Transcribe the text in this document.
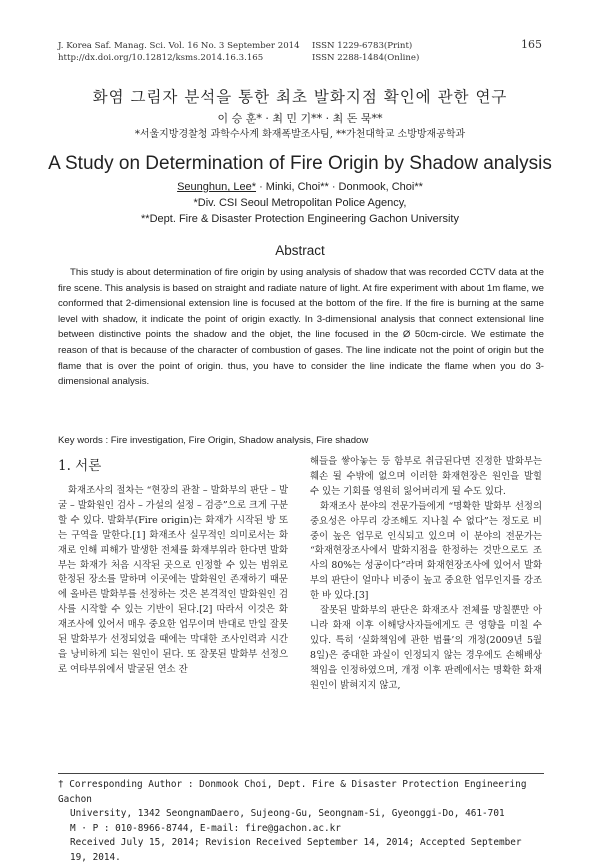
J. Korea Saf. Manag. Sci. Vol. 16 No. 3 September 2014
http://dx.doi.org/10.12812/ksms.2014.16.3.165
ISSN 1229-6783(Print)
ISSN 2288-1484(Online)
165
화염 그림자 분석을 통한 최초 발화지점 확인에 관한 연구
이 승 훈* · 최 민 기** · 최 돈 묵**
*서울지방경찰청 과학수사계 화재폭발조사팀, **가천대학교 소방방재공학과
A Study on Determination of Fire Origin by Shadow analysis
Seunghun, Lee* · Minki, Choi** · Donmook, Choi**
*Div. CSI Seoul Metropolitan Police Agency,
**Dept. Fire & Disaster Protection Engineering Gachon University
Abstract
This study is about determination of fire origin by using analysis of shadow that was recorded CCTV data at the fire scene. This analysis is based on straight and radiate nature of light. At fire experiment with about 1m flame, we conformed that 2-dimensional extension line is focused at the bottom of the fire. If the fire is burning at the same level with shadow, it indicate the point of origin exactly. In 3-dimensional analysis that connect extensional line between distinctive points the shadow and the objet, the line focused in the Ø 50cm-circle. We estimate the reason of that is because of the character of combustion of gases. The line indicate not the point of origin but the flame that is over the point of origin. thus, you have to consider the line indicate the flame when you do 3-dimensional analysis.
Key words : Fire investigation, Fire Origin, Shadow analysis, Fire shadow
1. 서론

화재조사의 절차는 “현장의 관찰 – 발화부의 판단 – 발굴 – 발화원인 검사 – 가설의 설정 – 검증”으로 크게 구분할 수 있다. 발화부(Fire origin)는 화재가 시작된 방 또는 구역을 말한다.[1] 화재조사 실무적인 의미로서는 화재로 인해 피해가 발생한 전체를 화재부위라 한다면 발화부는 화재가 처음 시작된 곳으로 인정할 수 있는 범위로 한정된 장소를 말하며 이곳에는 발화원인 존재하기 때문에 올바른 발화부를 선정하는 것은 본격적인 발화원인 검사를 시작할 수 있는 기반이 된다.[2] 따라서 이것은 화재조사에 있어서 매우 중요한 업무이며 반대로 만일 잘못된 발화부가 선정되었을 때에는 막대한 조사인력과 시간을 낭비하게 되는 원인이 된다. 또 잘못된 발화부 선정으로 여타부위에서 발굴된 연소 잔

해들을 쌓아놓는 등 함부로 취급된다면 진정한 발화부는 훼손 될 수밖에 없으며 이러한 화재현장은 원인을 발힐 수 있는 기회를 영원히 잃어버리게 될 수도 있다.

화재조사 분야의 전문가들에게 “명확한 발화부 선정의 중요성은 아무리 강조해도 지나칠 수 없다”는 정도로 비중이 높은 업무로 인식되고 있으며 이 분야의 전문가는 “화재현장조사에서 발화지점을 한정하는 것만으로도 조사의 80%는 성공이다”라며 화재현장조사에 있어서 발화부의 판단이 얼마나 비중이 높고 중요한 업무인지를 강조한 바 있다.[3]

잘못된 발화부의 판단은 화재조사 전체를 망칠뿐만 아니라 화재 이후 이해당사자들에게도 큰 영향을 미칠 수 있다. 특히 ‘실화책임에 관한 법률’의 개정(2009년 5월 8일)은 중대한 과실이 인정되지 않는 경우에도 손해배상책임을 인정하였으며, 개정 이후 판례에서는 명확한 화재원인이 밝혀지지 않고,

† Corresponding Author : Donmook Choi, Dept. Fire & Disaster Protection Engineering Gachon
University, 1342 SeongnamDaero, Sujeong-Gu, Seongnam-Si, Gyeonggi-Do, 461-701
M · P : 010-8966-8744, E-mail: fire@gachon.ac.kr
Received July 15, 2014; Revision Received September 14, 2014; Accepted September 19, 2014.
